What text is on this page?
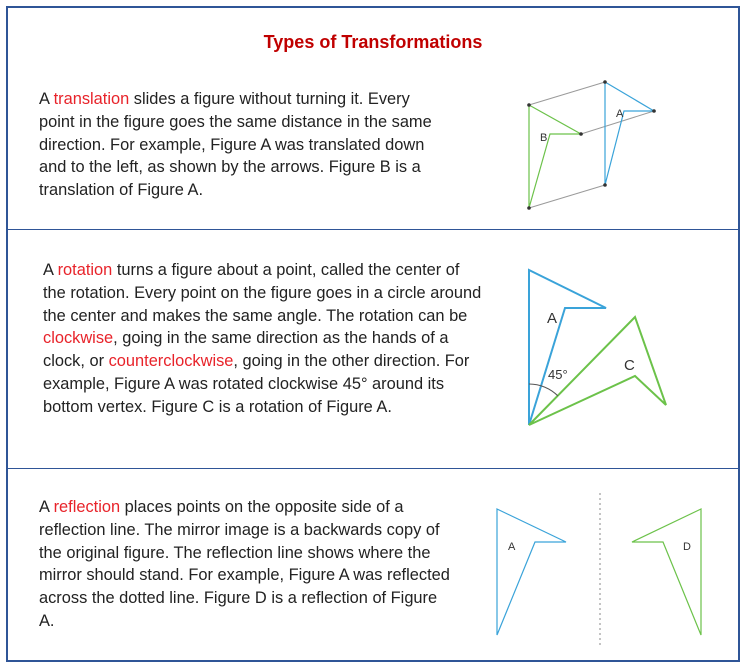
Types of Transformations
A translation slides a figure without turning it. Every point in the figure goes the same distance in the same direction. For example, Figure A was translated down and to the left, as shown by the arrows. Figure B is a translation of Figure A.
A
B
A rotation turns a figure about a point, called the center of the rotation. Every point on the figure goes in a circle around the center and makes the same angle. The rotation can be clockwise, going in the same direction as the hands of a clock, or counterclockwise, going in the other direction. For example, Figure A was rotated clockwise 45° around its bottom vertex. Figure C is a rotation of Figure A.
45°
A
C
A reflection places points on the opposite side of a reflection line. The mirror image is a backwards copy of the original figure. The reflection line shows where the mirror should stand. For example, Figure A was reflected across the dotted line. Figure D is a reflection of Figure A.
A	D
